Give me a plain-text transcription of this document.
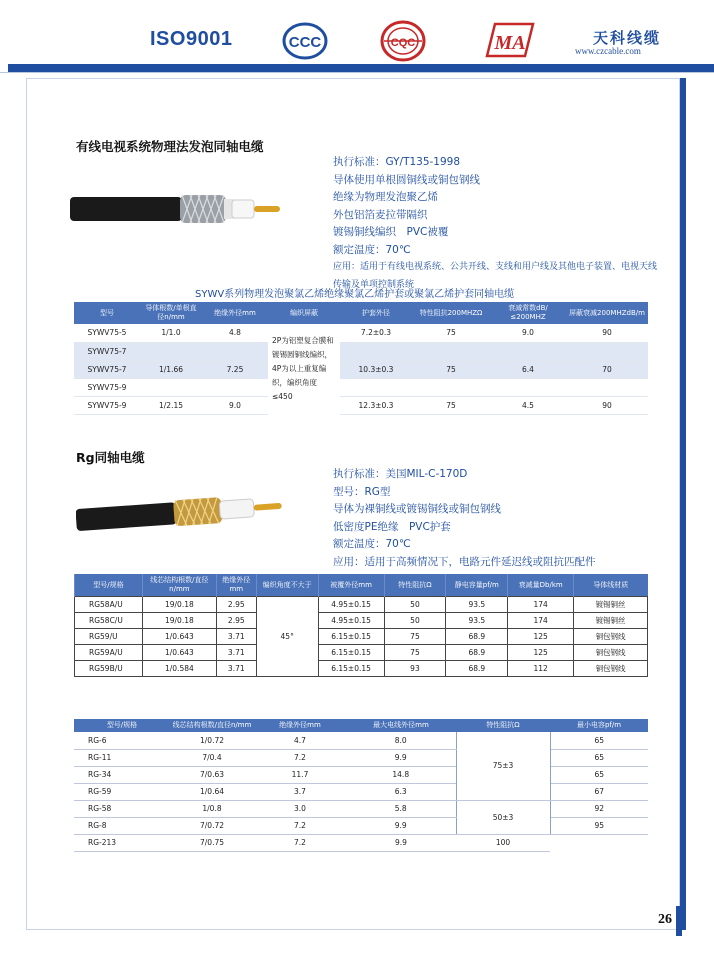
ISO9001	CCC	CQC	MA	天科线缆
www.czcable.com
有线电视系统物理法发泡同轴电缆
执行标准：GY/T135-1998
导体使用单根圆铜线或铜包钢线
绝缘为物理发泡聚乙烯
外包铝箔麦拉带隔织
镀锡铜线编织　PVC被覆
额定温度：70℃
应用：适用于有线电视系统、公共开线、支线和用户线及其他电子装置、电视天线
传输及单项控制系统
SYWV系列物理发泡聚氯乙烯绝缘聚氯乙烯护套或聚氯乙烯护套同轴电缆
型号	导体根数/单根直径n/mm	绝缘外径mm	编织屏蔽	护套外径	特性阻抗200MHZΩ	衰减常数dB/≤200MHZ	屏蔽衰减200MHZdB/m
SYWV75-5	1/1.0	4.8	2P为铝塑复合膜和镀锡圆铜线编织，4P为以上重复编织，编织角度≤450	7.2±0.3	75	9.0	90
SYWV75-7							
SYWV75-7	1/1.66	7.25		10.3±0.3	75	6.4	70
SYWV75-9							
SYWV75-9	1/2.15	9.0		12.3±0.3	75	4.5	90
Rg同轴电缆
执行标准：美国MIL-C-170D
型号：RG型
导体为裸铜线或镀锡铜线或铜包钢线
低密度PE绝缘　PVC护套
额定温度：70℃
应用：适用于高频情况下，电路元件延迟线或阻抗匹配件
型号/规格	线芯结构根数/直径n/mm	绝缘外径mm	编织角度不大于	被覆外径mm	特性阻抗Ω	静电容量pf/m	衰减量Db/km	导体线材质
RG58A/U	19/0.18	2.95	45°	4.95±0.15	50	93.5	174	镀锡铜丝
RG58C/U	19/0.18	2.95		4.95±0.15	50	93.5	174	镀锡铜丝
RG59/U	1/0.643	3.71		6.15±0.15	75	68.9	125	铜包钢线
RG59A/U	1/0.643	3.71		6.15±0.15	75	68.9	125	铜包钢线
RG59B/U	1/0.584	3.71		6.15±0.15	93	68.9	112	铜包钢线
型号/规格	线芯结构根数/直径n/mm	绝缘外径mm	最大电线外径mm	特性阻抗Ω	最小电容pf/m
RG-6	1/0.72	4.7	8.0	75±3	65
RG-11	7/0.4	7.2	9.9		65
RG-34	7/0.63	11.7	14.8		65
RG-59	1/0.64	3.7	6.3		67
RG-58	1/0.8	3.0	5.8	50±3	92
RG-8	7/0.72	7.2	9.9		95
RG-213	7/0.75	7.2	9.9	100	
26
